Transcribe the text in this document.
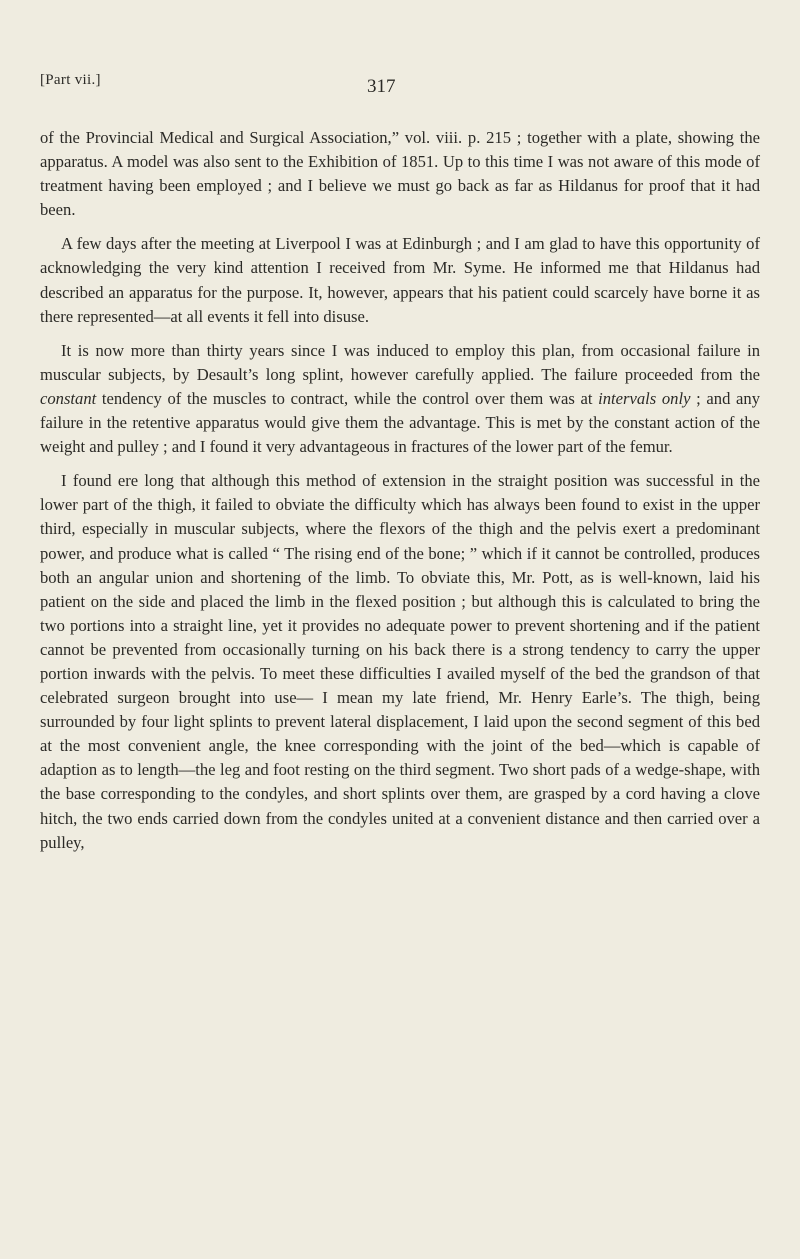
[Part vii.]	317

of the Provincial Medical and Surgical Association,” vol. viii. p. 215 ; together with a plate, showing the apparatus. A model was also sent to the Exhibition of 1851. Up to this time I was not aware of this mode of treatment having been employed ; and I believe we must go back as far as Hildanus for proof that it had been.

A few days after the meeting at Liverpool I was at Edinburgh ; and I am glad to have this opportunity of acknowledging the very kind attention I received from Mr. Syme. He informed me that Hildanus had described an apparatus for the purpose. It, however, appears that his patient could scarcely have borne it as there represented—at all events it fell into disuse.

It is now more than thirty years since I was induced to employ this plan, from occasional failure in muscular subjects, by Desault’s long splint, however carefully applied. The failure proceeded from the constant tendency of the muscles to contract, while the control over them was at intervals only ; and any failure in the retentive apparatus would give them the advantage. This is met by the constant action of the weight and pulley ; and I found it very advantageous in fractures of the lower part of the femur.

I found ere long that although this method of extension in the straight position was successful in the lower part of the thigh, it failed to obviate the difficulty which has always been found to exist in the upper third, especially in muscular subjects, where the flexors of the thigh and the pelvis exert a predominant power, and produce what is called “ The rising end of the bone; ” which if it cannot be controlled, produces both an angular union and shortening of the limb. To obviate this, Mr. Pott, as is well-known, laid his patient on the side and placed the limb in the flexed position ; but although this is calculated to bring the two portions into a straight line, yet it provides no adequate power to prevent shortening and if the patient cannot be prevented from occasionally turning on his back there is a strong tendency to carry the upper portion inwards with the pelvis. To meet these difficulties I availed myself of the bed the grandson of that celebrated surgeon brought into use— I mean my late friend, Mr. Henry Earle’s. The thigh, being surrounded by four light splints to prevent lateral displacement, I laid upon the second segment of this bed at the most convenient angle, the knee corresponding with the joint of the bed—which is capable of adaption as to length—the leg and foot resting on the third segment. Two short pads of a wedge-shape, with the base corresponding to the condyles, and short splints over them, are grasped by a cord having a clove hitch, the two ends carried down from the condyles united at a convenient distance and then carried over a pulley,
